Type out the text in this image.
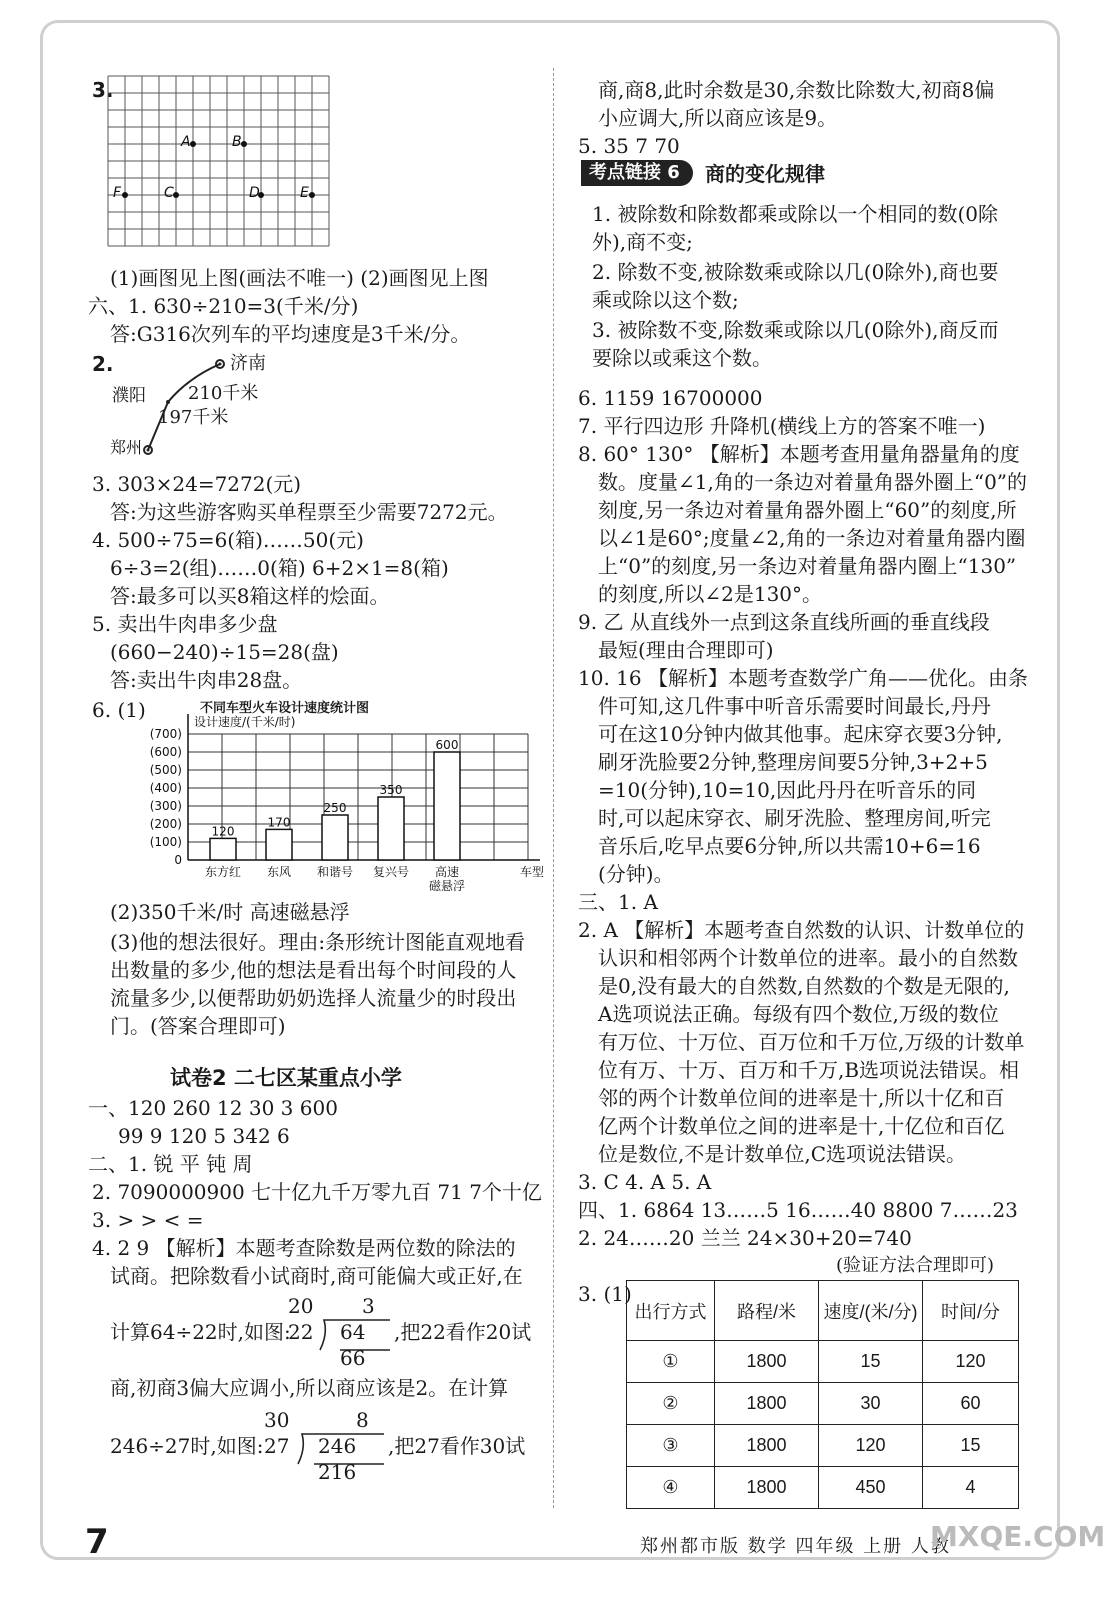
3.
A	B
F	C	D	E
(1)画图见上图(画法不唯一) (2)画图见上图
六、1. 630÷210=3(千米/分)
答:G316次列车的平均速度是3千米/分。
2.	济南
濮阳 210千米
197千米
郑州
3. 303×24=7272(元)
答:为这些游客购买单程票至少需要7272元。
4. 500÷75=6(箱)……50(元)
6÷3=2(组)……0(箱) 6+2×1=8(箱)
答:最多可以买8箱这样的烩面。
5. 卖出牛肉串多少盘
(660−240)÷15=28(盘)
答:卖出牛肉串28盘。
6. (1)	不同车型火车设计速度统计图
设计速度/(千米/时)
车型
(700)
(600)
(500)
(400)
(300)
(200)
(100)
0
120
东方红
170
东风
250
和谐号
350
复兴号
600
高速磁悬浮
(2)350千米/时 高速磁悬浮
(3)他的想法很好。理由:条形统计图能直观地看
出数量的多少,他的想法是看出每个时间段的人
流量多少,以便帮助奶奶选择人流量少的时段出
门。(答案合理即可)
试卷2 二七区某重点小学
一、120 260 12 30 3 600
99 9 120 5 342 6
二、1. 锐 平 钝 周
2. 7090000900 七十亿九千万零九百 71 7个十亿
3. > > < =
4. 2 9 【解析】本题考查除数是两位数的除法的
试商。把除数看小试商时,商可能偏大或正好,在
计算64÷22时,如图:
20 3
22 64 ,把22看作20试
66
商,初商3偏大应调小,所以商应该是2。在计算
246÷27时,如图:
30	8
27 246 ,把27看作30试
216
商,商8,此时余数是30,余数比除数大,初商8偏
小应调大,所以商应该是9。
5. 35 7 70
考点链接 6	商的变化规律
1. 被除数和除数都乘或除以一个相同的数(0除
外),商不变;
2. 除数不变,被除数乘或除以几(0除外),商也要
乘或除以这个数;
3. 被除数不变,除数乘或除以几(0除外),商反而
要除以或乘这个数。
6. 1159 16700000
7. 平行四边形 升降机(横线上方的答案不唯一)
8. 60° 130° 【解析】本题考查用量角器量角的度
数。度量∠1,角的一条边对着量角器外圈上“0”的
刻度,另一条边对着量角器外圈上“60”的刻度,所
以∠1是60°;度量∠2,角的一条边对着量角器内圈
上“0”的刻度,另一条边对着量角器内圈上“130”
的刻度,所以∠2是130°。
9. 乙 从直线外一点到这条直线所画的垂直线段
最短(理由合理即可)
10. 16 【解析】本题考查数学广角——优化。由条
件可知,这几件事中听音乐需要时间最长,丹丹
可在这10分钟内做其他事。起床穿衣要3分钟,
刷牙洗脸要2分钟,整理房间要5分钟,3+2+5
=10(分钟),10=10,因此丹丹在听音乐的同
时,可以起床穿衣、刷牙洗脸、整理房间,听完
音乐后,吃早点要6分钟,所以共需10+6=16
(分钟)。
三、1. A
2. A 【解析】本题考查自然数的认识、计数单位的
认识和相邻两个计数单位的进率。最小的自然数
是0,没有最大的自然数,自然数的个数是无限的,
A选项说法正确。每级有四个数位,万级的数位
有万位、十万位、百万位和千万位,万级的计数单
位有万、十万、百万和千万,B选项说法错误。相
邻的两个计数单位间的进率是十,所以十亿和百
亿两个计数单位之间的进率是十,十亿位和百亿
位是数位,不是计数单位,C选项说法错误。
3. C 4. A 5. A
四、1. 6864 13……5 16……40 8800 7……23
2. 24……20 兰兰 24×30+20=740
(验证方法合理即可)
3. (1)
出行方式	路程/米	速度/(米/分)	时间/分
①	1800	15	120
②	1800	30	60
③	1800	120	15
④	1800	450	4
7	郑州都市版 数学 四年级 上册 人教
MXQE.COM
